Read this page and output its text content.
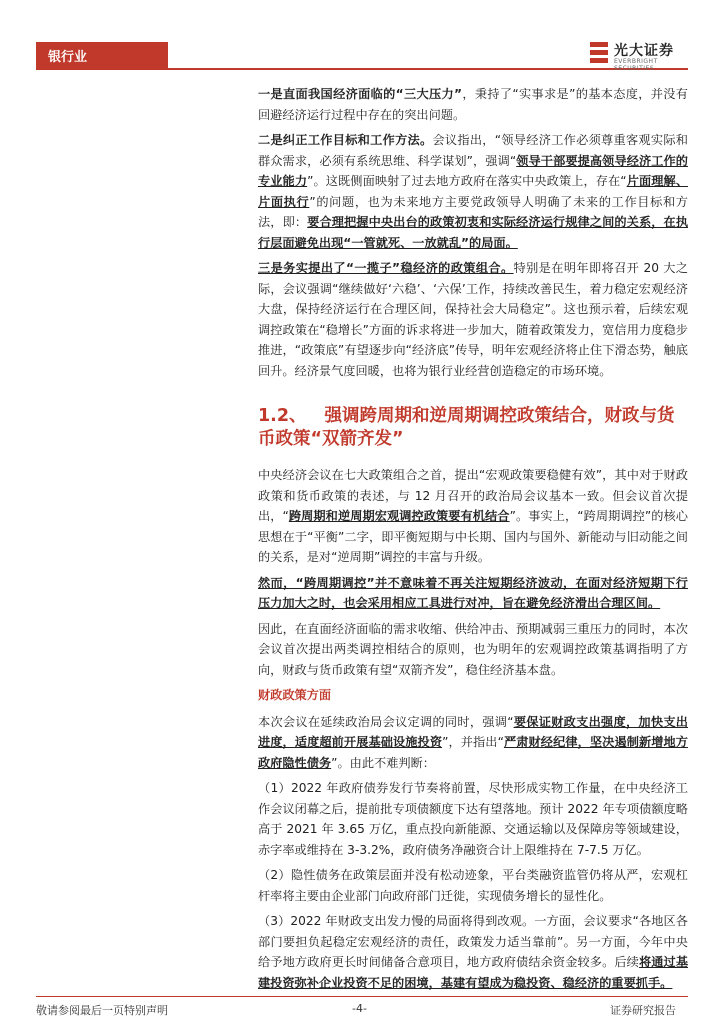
银行业	光大证券
EVERBRIGHT SECURITIES

一是直面我国经济面临的“三大压力”，秉持了“实事求是”的基本态度，并没有回避经济运行过程中存在的突出问题。

二是纠正工作目标和工作方法。会议指出，“领导经济工作必须尊重客观实际和群众需求，必须有系统思维、科学谋划”，强调“领导干部要提高领导经济工作的专业能力”。这既侧面映射了过去地方政府在落实中央政策上，存在“片面理解、片面执行”的问题，也为未来地方主要党政领导人明确了未来的工作目标和方法，即：要合理把握中央出台的政策初衷和实际经济运行规律之间的关系，在执行层面避免出现“一管就死、一放就乱”的局面。

三是务实提出了“一揽子”稳经济的政策组合。特别是在明年即将召开 20 大之际，会议强调“继续做好‘六稳’、‘六保’工作，持续改善民生，着力稳定宏观经济大盘，保持经济运行在合理区间，保持社会大局稳定”。这也预示着，后续宏观调控政策在“稳增长”方面的诉求将进一步加大，随着政策发力，宽信用力度稳步推进，“政策底”有望逐步向“经济底”传导，明年宏观经济将止住下滑态势，触底回升。经济景气度回暖，也将为银行业经营创造稳定的市场环境。

1.2、 强调跨周期和逆周期调控政策结合，财政与货币政策“双箭齐发”

中央经济会议在七大政策组合之首，提出“宏观政策要稳健有效”，其中对于财政政策和货币政策的表述，与 12 月召开的政治局会议基本一致。但会议首次提出，“跨周期和逆周期宏观调控政策要有机结合”。事实上，“跨周期调控”的核心思想在于“平衡”二字，即平衡短期与中长期、国内与国外、新能动与旧动能之间的关系，是对“逆周期”调控的丰富与升级。

然而，“跨周期调控”并不意味着不再关注短期经济波动，在面对经济短期下行压力加大之时，也会采用相应工具进行对冲，旨在避免经济滑出合理区间。

因此，在直面经济面临的需求收缩、供给冲击、预期减弱三重压力的同时，本次会议首次提出两类调控相结合的原则，也为明年的宏观调控政策基调指明了方向，财政与货币政策有望“双箭齐发”，稳住经济基本盘。

财政政策方面

本次会议在延续政治局会议定调的同时，强调“要保证财政支出强度，加快支出进度，适度超前开展基础设施投资”，并指出“严肃财经纪律，坚决遏制新增地方政府隐性债务”。由此不难判断：

（1）2022 年政府债券发行节奏将前置，尽快形成实物工作量，在中央经济工作会议闭幕之后，提前批专项债额度下达有望落地。预计 2022 年专项债额度略高于 2021 年 3.65 万亿，重点投向新能源、交通运输以及保障房等领域建设，赤字率或维持在 3-3.2%，政府债务净融资合计上限维持在 7-7.5 万亿。

（2）隐性债务在政策层面并没有松动迹象，平台类融资监管仍将从严，宏观杠杆率将主要由企业部门向政府部门迁徙，实现债务增长的显性化。

（3）2022 年财政支出发力慢的局面将得到改观。一方面，会议要求“各地区各部门要担负起稳定宏观经济的责任，政策发力适当靠前”。另一方面，今年中央给予地方政府更长时间储备合意项目，地方政府债结余资金较多。后续将通过基建投资弥补企业投资不足的困境，基建有望成为稳投资、稳经济的重要抓手。

敬请参阅最后一页特别声明	-4-	证券研究报告
